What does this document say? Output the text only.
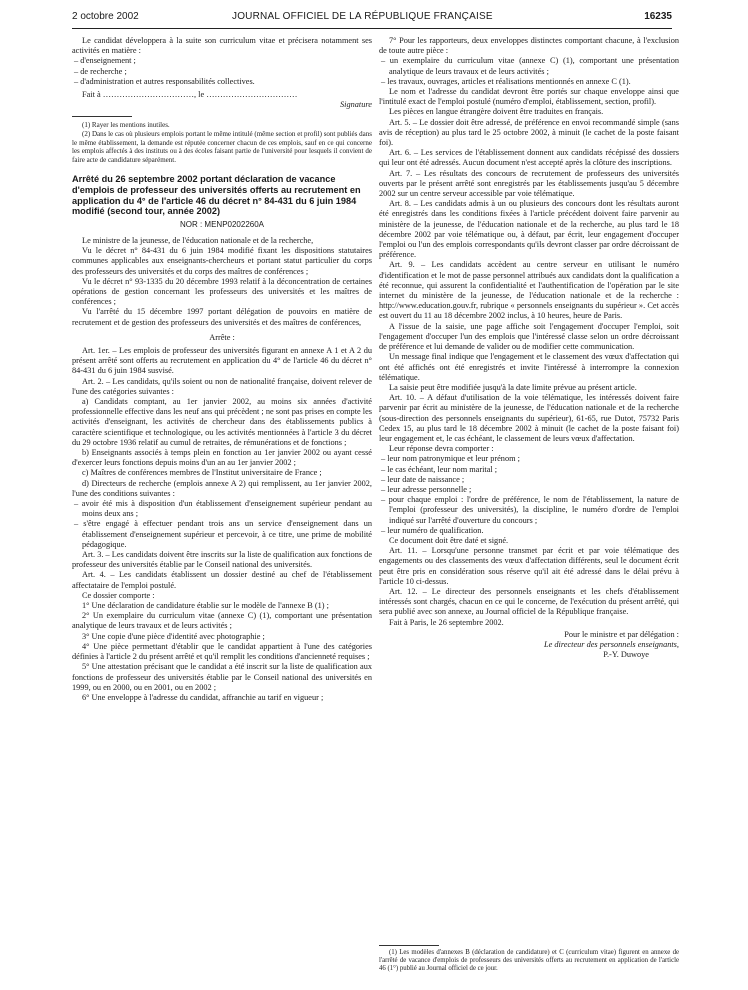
2 octobre 2002	JOURNAL OFFICIEL DE LA RÉPUBLIQUE FRANÇAISE	16235

Le candidat développera à la suite son curriculum vitae et précisera notamment ses activités en matière :

– d'enseignement ;

– de recherche ;

– d'administration et autres responsabilités collectives.

Fait à ……………………………, le ……………………………

Signature

(1) Rayer les mentions inutiles.

(2) Dans le cas où plusieurs emplois portant le même intitulé (même section et profil) sont publiés dans le même établissement, la demande est réputée concerner chacun de ces emplois, sauf en ce qui concerne les emplois affectés à des instituts ou à des écoles faisant partie de l'université pour lesquels il convient de faire acte de candidature séparément.

Arrêté du 26 septembre 2002 portant déclaration de vacance d'emplois de professeur des universités offerts au recrutement en application du 4° de l'article 46 du décret n° 84-431 du 6 juin 1984 modifié (second tour, année 2002)

NOR : MENP0202260A

Le ministre de la jeunesse, de l'éducation nationale et de la recherche,

Vu le décret n° 84-431 du 6 juin 1984 modifié fixant les dispositions statutaires communes applicables aux enseignants-chercheurs et portant statut particulier du corps des professeurs des universités et du corps des maîtres de conférences ;

Vu le décret n° 93-1335 du 20 décembre 1993 relatif à la déconcentration de certaines opérations de gestion concernant les professeurs des universités et les maîtres de conférences ;

Vu l'arrêté du 15 décembre 1997 portant délégation de pouvoirs en matière de recrutement et de gestion des professeurs des universités et des maîtres de conférences,

Arrête :

Art. 1er. – Les emplois de professeur des universités figurant en annexe A 1 et A 2 du présent arrêté sont offerts au recrutement en application du 4° de l'article 46 du décret n° 84-431 du 6 juin 1984 susvisé.

Art. 2. – Les candidats, qu'ils soient ou non de nationalité française, doivent relever de l'une des catégories suivantes :

a) Candidats comptant, au 1er janvier 2002, au moins six années d'activité professionnelle effective dans les neuf ans qui précèdent ; ne sont pas prises en compte les activités d'enseignant, les activités de chercheur dans des établissements publics à caractère scientifique et technologique, ou les activités mentionnées à l'article 3 du décret du 29 octobre 1936 relatif au cumul de retraites, de rémunérations et de fonctions ;

b) Enseignants associés à temps plein en fonction au 1er janvier 2002 ou ayant cessé d'exercer leurs fonctions depuis moins d'un an au 1er janvier 2002 ;

c) Maîtres de conférences membres de l'Institut universitaire de France ;

d) Directeurs de recherche (emplois annexe A 2) qui remplissent, au 1er janvier 2002, l'une des conditions suivantes :

– avoir été mis à disposition d'un établissement d'enseignement supérieur pendant au moins deux ans ;

– s'être engagé à effectuer pendant trois ans un service d'enseignement dans un établissement d'enseignement supérieur et percevoir, à ce titre, une prime de mobilité pédagogique.

Art. 3. – Les candidats doivent être inscrits sur la liste de qualification aux fonctions de professeur des universités établie par le Conseil national des universités.

Art. 4. – Les candidats établissent un dossier destiné au chef de l'établissement affectataire de l'emploi postulé.

Ce dossier comporte :

1° Une déclaration de candidature établie sur le modèle de l'annexe B (1) ;

2° Un exemplaire du curriculum vitae (annexe C) (1), comportant une présentation analytique de leurs travaux et de leurs activités ;

3° Une copie d'une pièce d'identité avec photographie ;

4° Une pièce permettant d'établir que le candidat appartient à l'une des catégories définies à l'article 2 du présent arrêté et qu'il remplit les conditions d'ancienneté requises ;

5° Une attestation précisant que le candidat a été inscrit sur la liste de qualification aux fonctions de professeur des universités établie par le Conseil national des universités en 1999, ou en 2000, ou en 2001, ou en 2002 ;

6° Une enveloppe à l'adresse du candidat, affranchie au tarif en vigueur ;

7° Pour les rapporteurs, deux enveloppes distinctes comportant chacune, à l'exclusion de toute autre pièce :

– un exemplaire du curriculum vitae (annexe C) (1), comportant une présentation analytique de leurs travaux et de leurs activités ;

– les travaux, ouvrages, articles et réalisations mentionnés en annexe C (1).

Le nom et l'adresse du candidat devront être portés sur chaque enveloppe ainsi que l'intitulé exact de l'emploi postulé (numéro d'emploi, établissement, section, profil).

Les pièces en langue étrangère doivent être traduites en français.

Art. 5. – Le dossier doit être adressé, de préférence en envoi recommandé simple (sans avis de réception) au plus tard le 25 octobre 2002, à minuit (le cachet de la poste faisant foi).

Art. 6. – Les services de l'établissement donnent aux candidats récépissé des dossiers qui leur ont été adressés. Aucun document n'est accepté après la clôture des inscriptions.

Art. 7. – Les résultats des concours de recrutement de professeurs des universités ouverts par le présent arrêté sont enregistrés par les établissements jusqu'au 5 décembre 2002 sur un centre serveur accessible par voie télématique.

Art. 8. – Les candidats admis à un ou plusieurs des concours dont les résultats auront été enregistrés dans les conditions fixées à l'article précédent doivent faire parvenir au ministère de la jeunesse, de l'éducation nationale et de la recherche, au plus tard le 18 décembre 2002 par voie télématique ou, à défaut, par écrit, leur engagement d'occuper l'emploi ou l'un des emplois correspondants qu'ils devront classer par ordre décroissant de préférence.

Art. 9. – Les candidats accèdent au centre serveur en utilisant le numéro d'identification et le mot de passe personnel attribués aux candidats dont la qualification a été reconnue, qui assurent la confidentialité et l'authentification de l'opération par le site internet du ministère de la jeunesse, de l'éducation nationale et de la recherche : http://www.education.gouv.fr, rubrique « personnels enseignants du supérieur ». Cet accès est ouvert du 11 au 18 décembre 2002 inclus, à 10 heures, heure de Paris.

A l'issue de la saisie, une page affiche soit l'engagement d'occuper l'emploi, soit l'engagement d'occuper l'un des emplois que l'intéressé classe selon un ordre décroissant de préférence et lui demande de valider ou de modifier cette communication.

Un message final indique que l'engagement et le classement des vœux d'affectation qui ont été affichés ont été enregistrés et invite l'intéressé à interrompre la connexion télématique.

La saisie peut être modifiée jusqu'à la date limite prévue au présent article.

Art. 10. – A défaut d'utilisation de la voie télématique, les intéressés doivent faire parvenir par écrit au ministère de la jeunesse, de l'éducation nationale et de la recherche (sous-direction des personnels enseignants du supérieur), 61-65, rue Dutot, 75732 Paris Cedex 15, au plus tard le 18 décembre 2002 à minuit (le cachet de la poste faisant foi) leur engagement et, le cas échéant, le classement de leurs vœux d'affectation.

Leur réponse devra comporter :

– leur nom patronymique et leur prénom ;

– le cas échéant, leur nom marital ;

– leur date de naissance ;

– leur adresse personnelle ;

– pour chaque emploi : l'ordre de préférence, le nom de l'établissement, la nature de l'emploi (professeur des universités), la discipline, le numéro d'ordre de l'emploi indiqué sur l'arrêté d'ouverture du concours ;

– leur numéro de qualification.

Ce document doit être daté et signé.

Art. 11. – Lorsqu'une personne transmet par écrit et par voie télématique des engagements ou des classements des vœux d'affectation différents, seul le document écrit peut être pris en considération sous réserve qu'il ait été adressé dans le délai prévu à l'article 10 ci-dessus.

Art. 12. – Le directeur des personnels enseignants et les chefs d'établissement intéressés sont chargés, chacun en ce qui le concerne, de l'exécution du présent arrêté, qui sera publié avec son annexe, au Journal officiel de la République française.

Fait à Paris, le 26 septembre 2002.

Pour le ministre et par délégation :

Le directeur des personnels enseignants,

P.-Y. Duwoye

(1) Les modèles d'annexes B (déclaration de candidature) et C (curriculum vitae) figurent en annexe de l'arrêté de vacance d'emplois de professeurs des universités offerts au recrutement en application de l'article 46 (1°) publié au Journal officiel de ce jour.
